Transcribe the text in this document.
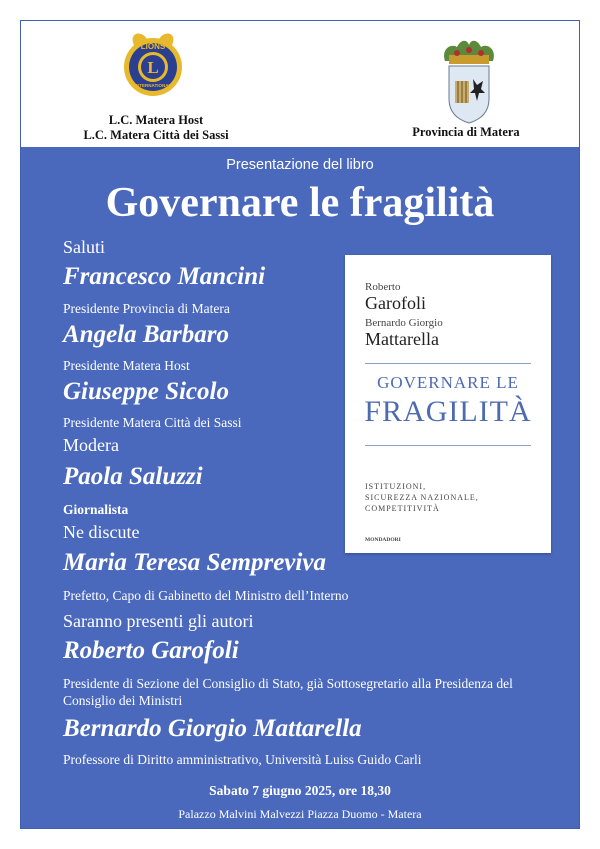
LIONS
L
INTERNATIONAL
L.C. Matera Host
L.C. Matera Città dei Sassi	Provincia di Matera
Presentazione del libro
Governare le fragilità
Saluti
Francesco Mancini
Presidente Provincia di Matera
Angela Barbaro
Presidente Matera Host
Giuseppe Sicolo
Presidente Matera Città dei Sassi
Modera
Paola Saluzzi
Giornalista
Ne discute
Maria Teresa Sempreviva
Prefetto, Capo di Gabinetto del Ministro dell’Interno
Saranno presenti gli autori
Roberto Garofoli
Presidente di Sezione del Consiglio di Stato, già Sottosegretario alla Presidenza del Consiglio dei Ministri
Bernardo Giorgio Mattarella
Professore di Diritto amministrativo, Università Luiss Guido Carli
Sabato 7 giugno 2025, ore 18,30
Palazzo Malvini Malvezzi Piazza Duomo - Matera
Roberto
Garofoli
Bernardo Giorgio
Mattarella
GOVERNARE LE
FRAGILITÀ
ISTITUZIONI,
SICUREZZA NAZIONALE,
COMPETITIVITÀ
MONDADORI
